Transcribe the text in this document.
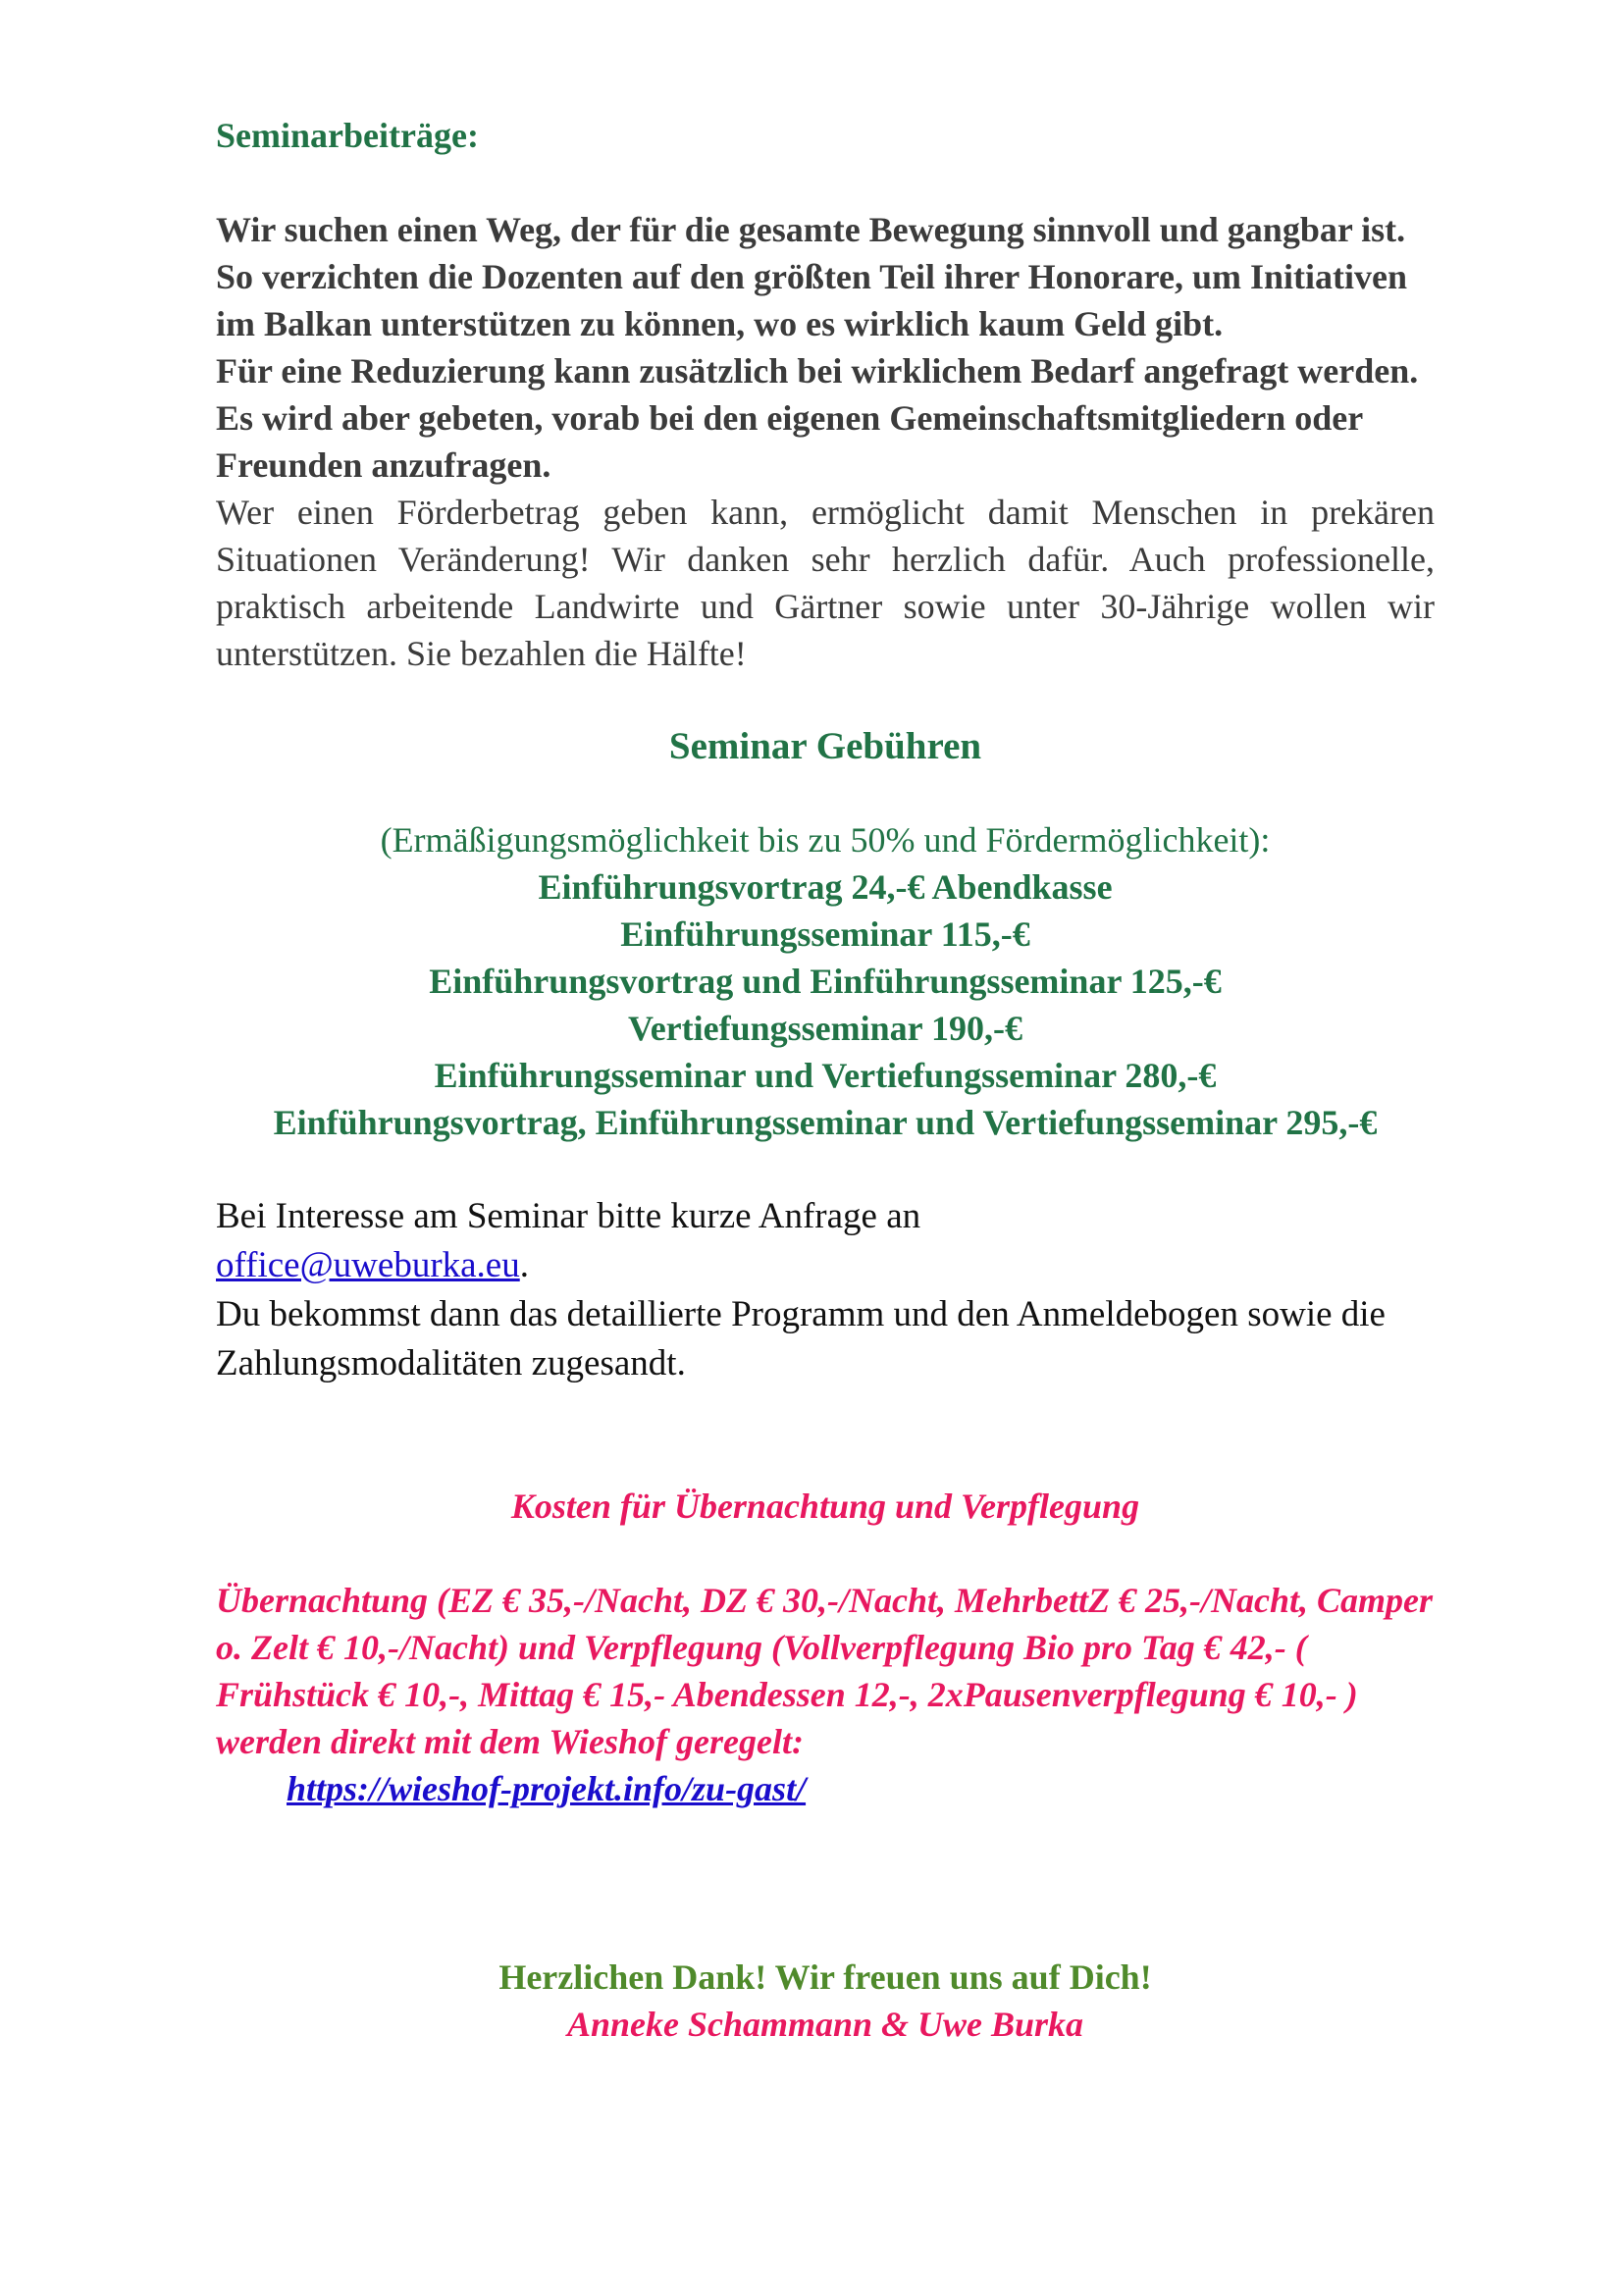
Seminarbeiträge:
Wir suchen einen Weg, der für die gesamte Bewegung sinnvoll und gangbar ist. So verzichten die Dozenten auf den größten Teil ihrer Honorare, um Initiativen im Balkan unterstützen zu können, wo es wirklich kaum Geld gibt.
Für eine Reduzierung kann zusätzlich bei wirklichem Bedarf angefragt werden. Es wird aber gebeten, vorab bei den eigenen Gemeinschaftsmitgliedern oder Freunden anzufragen.
Wer einen Förderbetrag geben kann, ermöglicht damit Menschen in prekären Situationen Veränderung! Wir danken sehr herzlich dafür. Auch professionelle, praktisch arbeitende Landwirte und Gärtner sowie unter 30-Jährige wollen wir unterstützen. Sie bezahlen die Hälfte!
Seminar Gebühren
(Ermäßigungsmöglichkeit bis zu 50% und Fördermöglichkeit):
Einführungsvortrag 24,-€ Abendkasse
Einführungsseminar 115,-€
Einführungsvortrag und Einführungsseminar 125,-€
Vertiefungsseminar 190,-€
Einführungsseminar und Vertiefungsseminar 280,-€
Einführungsvortrag, Einführungsseminar und Vertiefungsseminar 295,-€
Bei Interesse am Seminar bitte kurze Anfrage an
office@uweburka.eu.
Du bekommst dann das detaillierte Programm und den Anmeldebogen sowie die Zahlungsmodalitäten zugesandt.
Kosten für Übernachtung und Verpflegung
Übernachtung (EZ € 35,-/Nacht, DZ € 30,-/Nacht, MehrbettZ € 25,-/Nacht, Camper o. Zelt € 10,-/Nacht) und Verpflegung (Vollverpflegung Bio pro Tag € 42,- ( Frühstück € 10,-, Mittag € 15,- Abendessen 12,-, 2xPausenverpflegung € 10,- ) werden direkt mit dem Wieshof geregelt:
https://wieshof-projekt.info/zu-gast/
Herzlichen Dank! Wir freuen uns auf Dich!
Anneke Schammann & Uwe Burka
